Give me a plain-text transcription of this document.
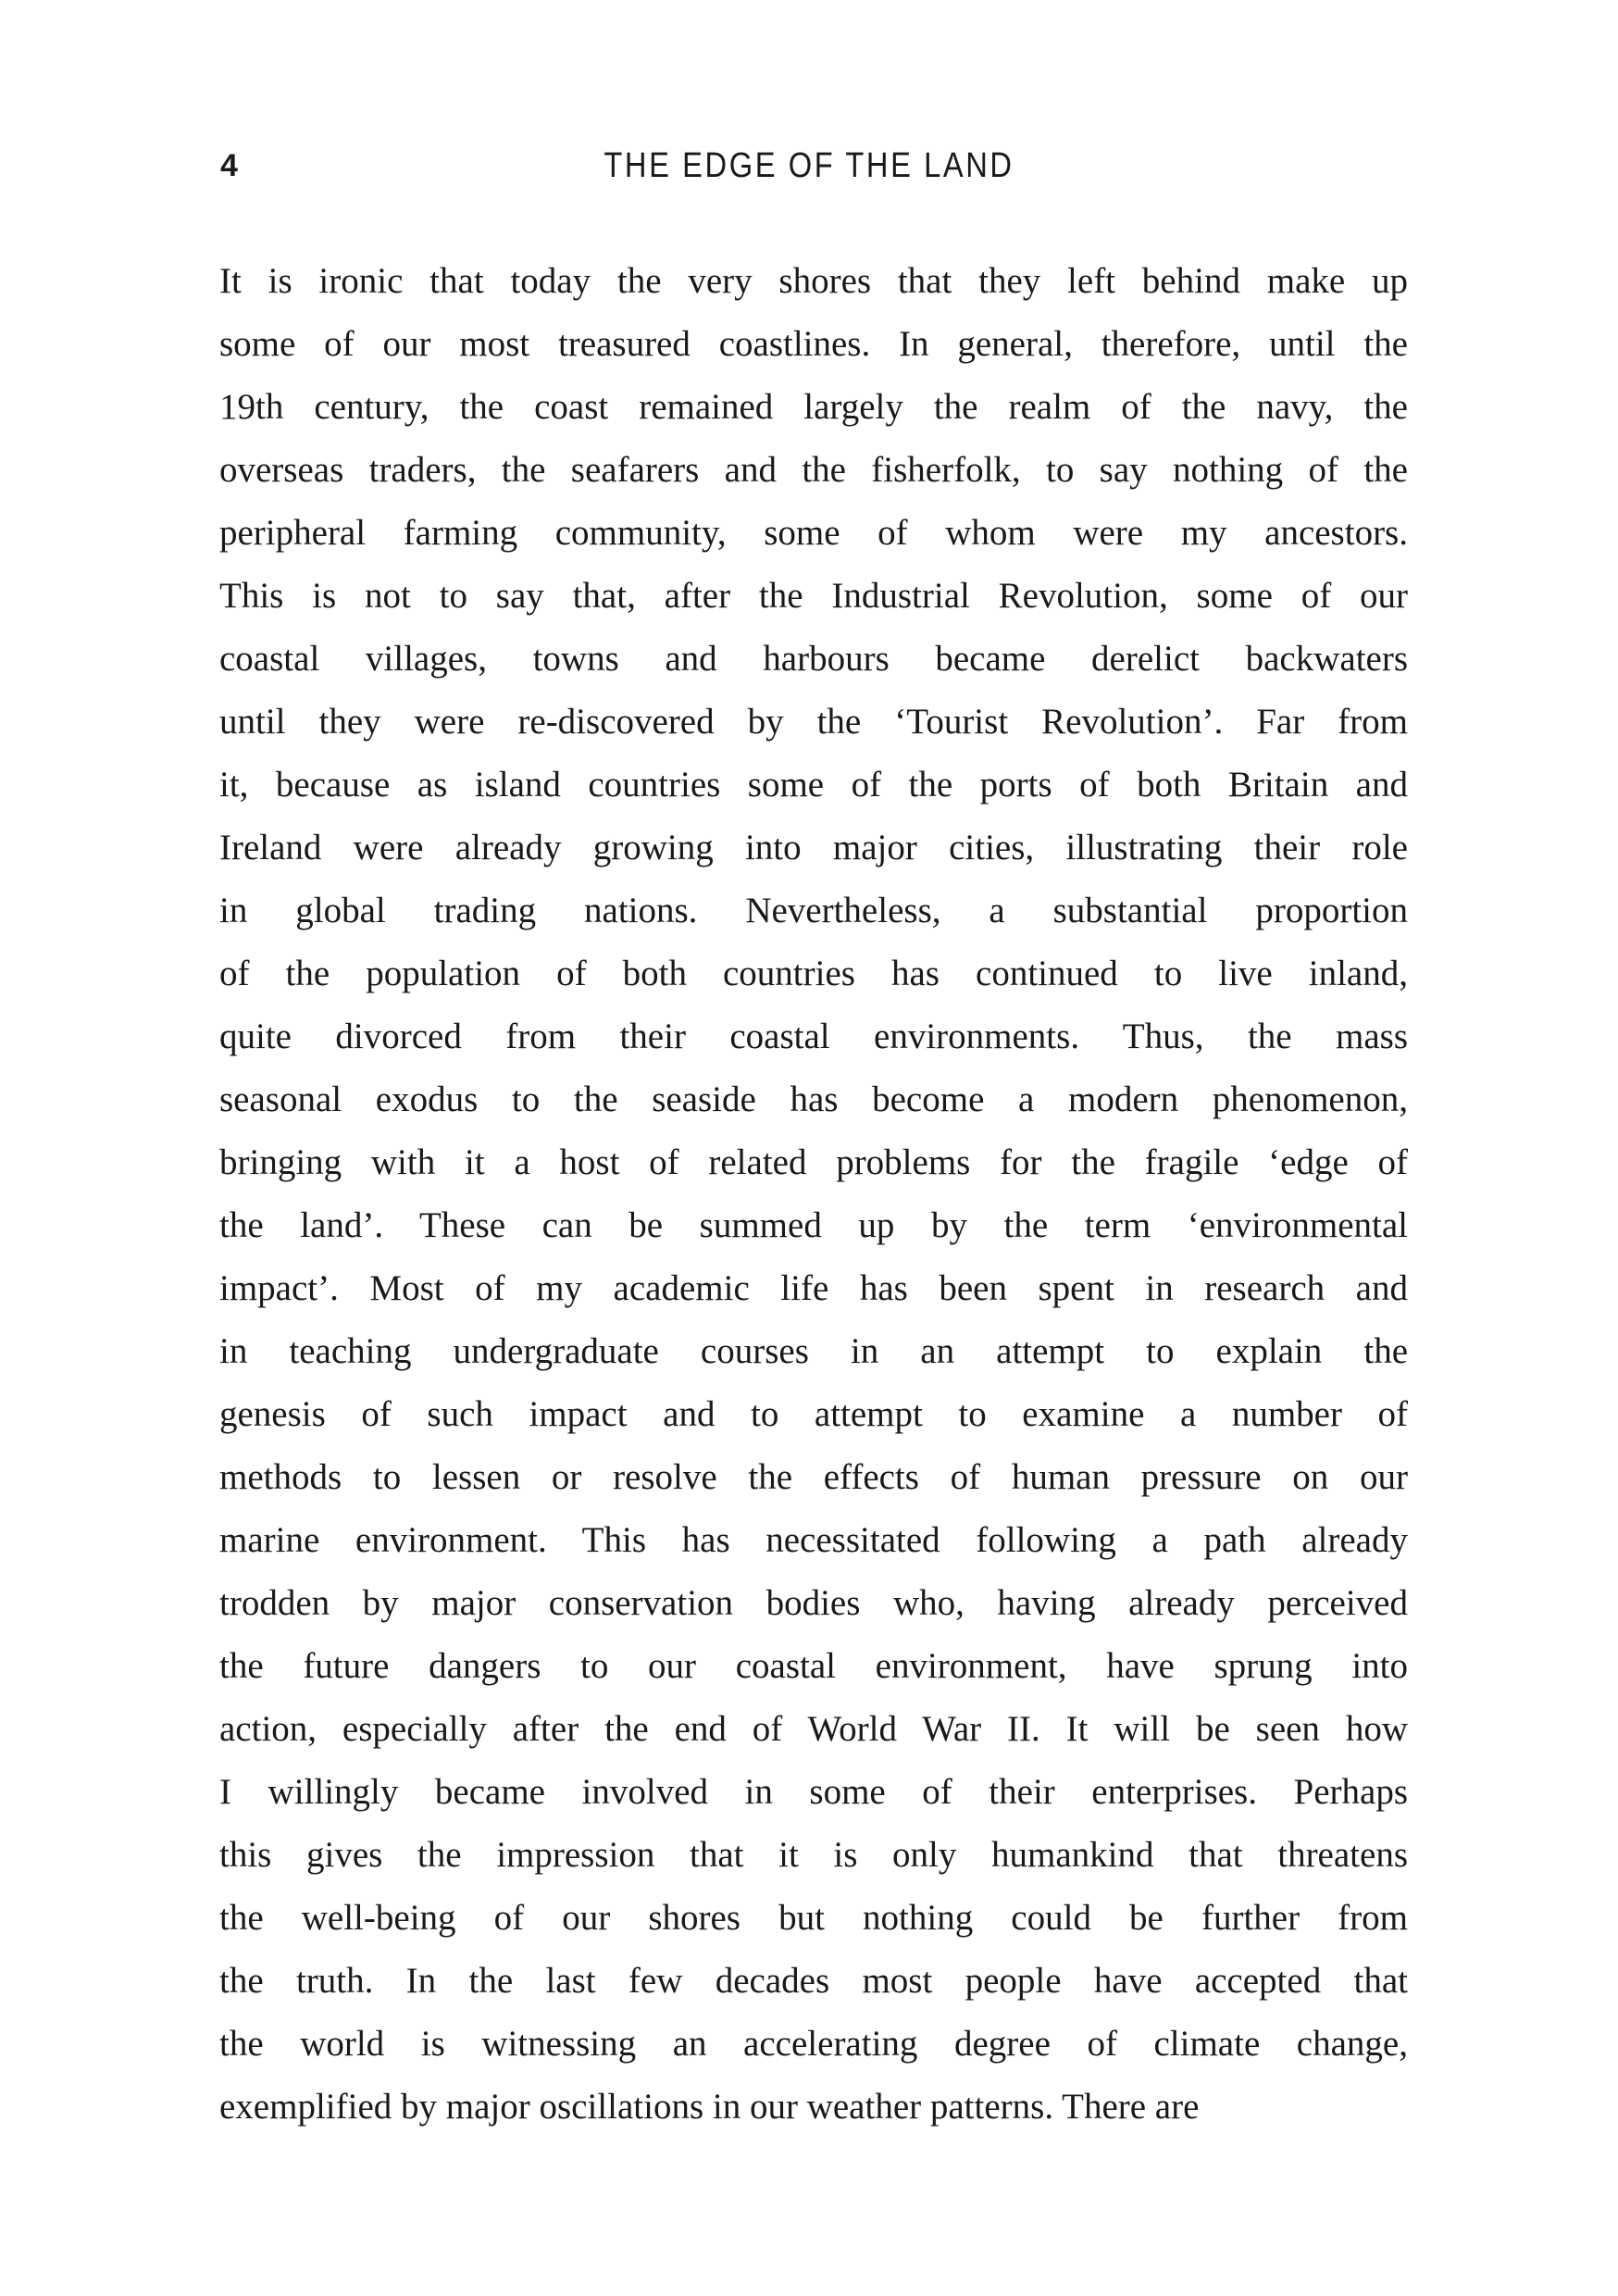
4	THE EDGE OF THE LAND
It is ironic that today the very shores that they left behind make up
some of our most treasured coastlines. In general, therefore, until the
19th century, the coast remained largely the realm of the navy, the
overseas traders, the seafarers and the fisherfolk, to say nothing of the
peripheral farming community, some of whom were my ancestors.
This is not to say that, after the Industrial Revolution, some of our
coastal villages, towns and harbours became derelict backwaters
until they were re-discovered by the ‘Tourist Revolution’. Far from
it, because as island countries some of the ports of both Britain and
Ireland were already growing into major cities, illustrating their role
in global trading nations. Nevertheless, a substantial proportion
of the population of both countries has continued to live inland,
quite divorced from their coastal environments. Thus, the mass
seasonal exodus to the seaside has become a modern phenomenon,
bringing with it a host of related problems for the fragile ‘edge of
the land’. These can be summed up by the term ‘environmental
impact’. Most of my academic life has been spent in research and
in teaching undergraduate courses in an attempt to explain the
genesis of such impact and to attempt to examine a number of
methods to lessen or resolve the effects of human pressure on our
marine environment. This has necessitated following a path already
trodden by major conservation bodies who, having already perceived
the future dangers to our coastal environment, have sprung into
action, especially after the end of World War II. It will be seen how
I willingly became involved in some of their enterprises. Perhaps
this gives the impression that it is only humankind that threatens
the well-being of our shores but nothing could be further from
the truth. In the last few decades most people have accepted that
the world is witnessing an accelerating degree of climate change,
exemplified by major oscillations in our weather patterns. There are
